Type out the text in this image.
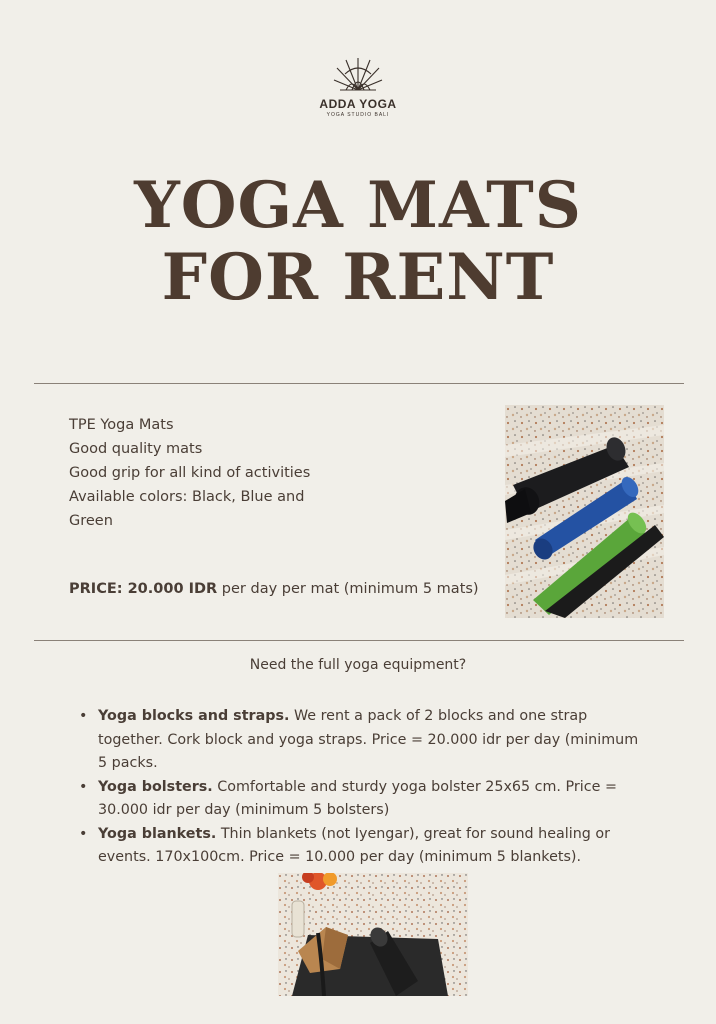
ADDA YOGA
YOGA STUDIO BALI
YOGA MATS
FOR RENT
TPE Yoga Mats
Good quality mats
Good grip for all kind of activities
Available colors: Black, Blue and
Green
PRICE: 20.000 IDR per day per mat (minimum 5 mats)
Need the full yoga equipment?
• Yoga blocks and straps. We rent a pack of 2 blocks and one strap together. Cork block and yoga straps. Price = 20.000 idr per day (minimum 5 packs.
• Yoga bolsters. Comfortable and sturdy yoga bolster 25x65 cm. Price = 30.000 idr per day (minimum 5 bolsters)
• Yoga blankets. Thin blankets (not Iyengar), great for sound healing or events. 170x100cm. Price = 10.000 per day (minimum 5 blankets).
